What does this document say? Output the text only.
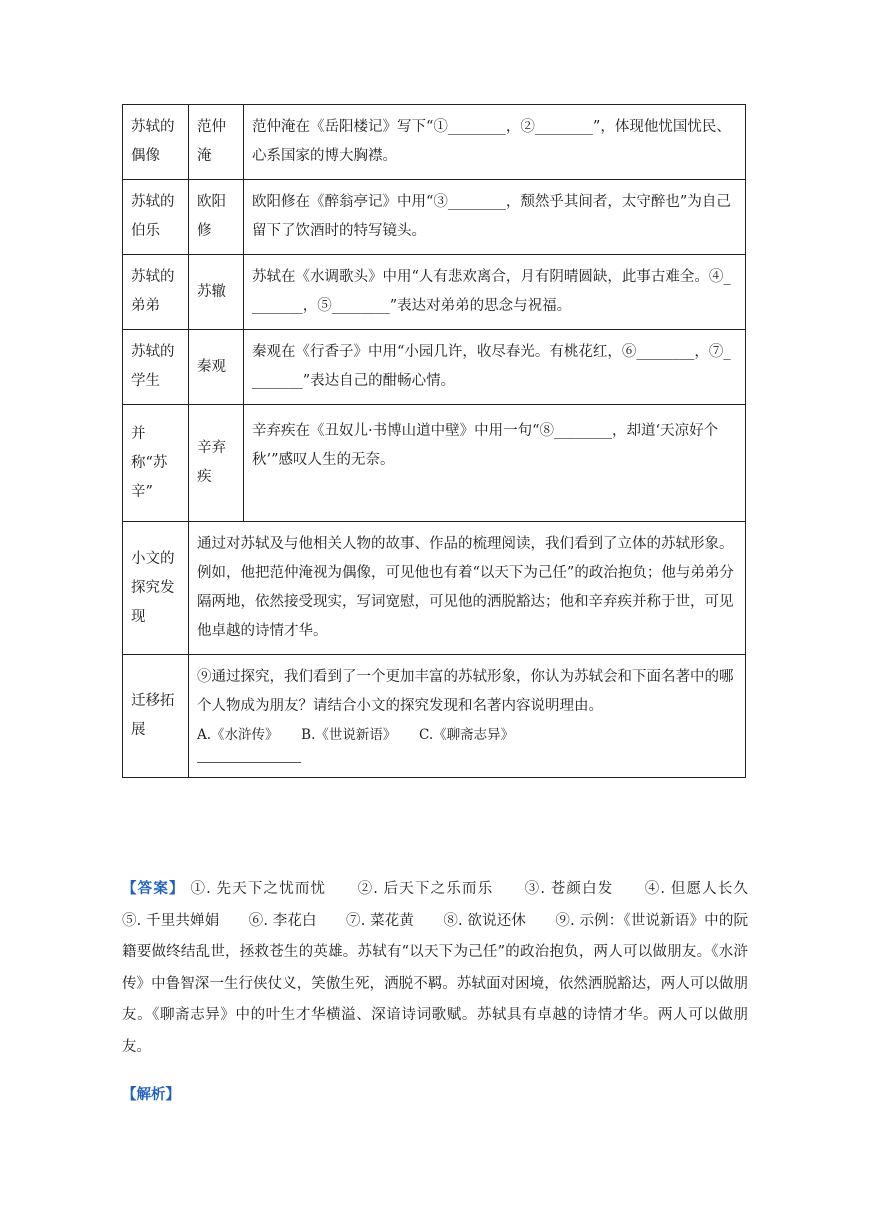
苏轼的偶像	范仲淹	范仲淹在《岳阳楼记》写下“①________，②________”，体现他忧国忧民、心系国家的博大胸襟。
苏轼的伯乐	欧阳修	欧阳修在《醉翁亭记》中用“③________，颓然乎其间者，太守醉也”为自己留下了饮酒时的特写镜头。
苏轼的弟弟	苏辙	苏轼在《水调歌头》中用“人有悲欢离合，月有阴晴圆缺，此事古难全。④________，⑤________”表达对弟弟的思念与祝福。
苏轼的学生	秦观	秦观在《行香子》中用“小园几许，收尽春光。有桃花红，⑥________，⑦________”表达自己的酣畅心情。
并称“苏辛”	辛弃疾	辛弃疾在《丑奴儿·书博山道中壁》中用一句“⑧________，却道‘天凉好个秋’”感叹人生的无奈。
小文的探究发现	通过对苏轼及与他相关人物的故事、作品的梳理阅读，我们看到了立体的苏轼形象。例如，他把范仲淹视为偶像，可见他也有着“以天下为己任”的政治抱负；他与弟弟分隔两地，依然接受现实，写词宽慰，可见他的洒脱豁达；他和辛弃疾并称于世，可见他卓越的诗情才华。	
迁移拓展	⑨通过探究，我们看到了一个更加丰富的苏轼形象，你认为苏轼会和下面名著中的哪个人物成为朋友？请结合小文的探究发现和名著内容说明理由。
A.《水浒传》 B.《世说新语》 C.《聊斋志异》	
【答案】 ①. 先天下之忧而忧　　②. 后天下之乐而乐　　③. 苍颜白发　　④. 但愿人长久　　⑤. 千里共婵娟　　⑥. 李花白　　⑦. 菜花黄　　⑧. 欲说还休　　⑨. 示例：《世说新语》中的阮籍要做终结乱世，拯救苍生的英雄。苏轼有“以天下为己任”的政治抱负，两人可以做朋友。《水浒传》中鲁智深一生行侠仗义，笑傲生死，洒脱不羁。苏轼面对困境，依然洒脱豁达，两人可以做朋友。《聊斋志异》中的叶生才华横溢、深谙诗词歌赋。苏轼具有卓越的诗情才华。两人可以做朋友。
【解析】
